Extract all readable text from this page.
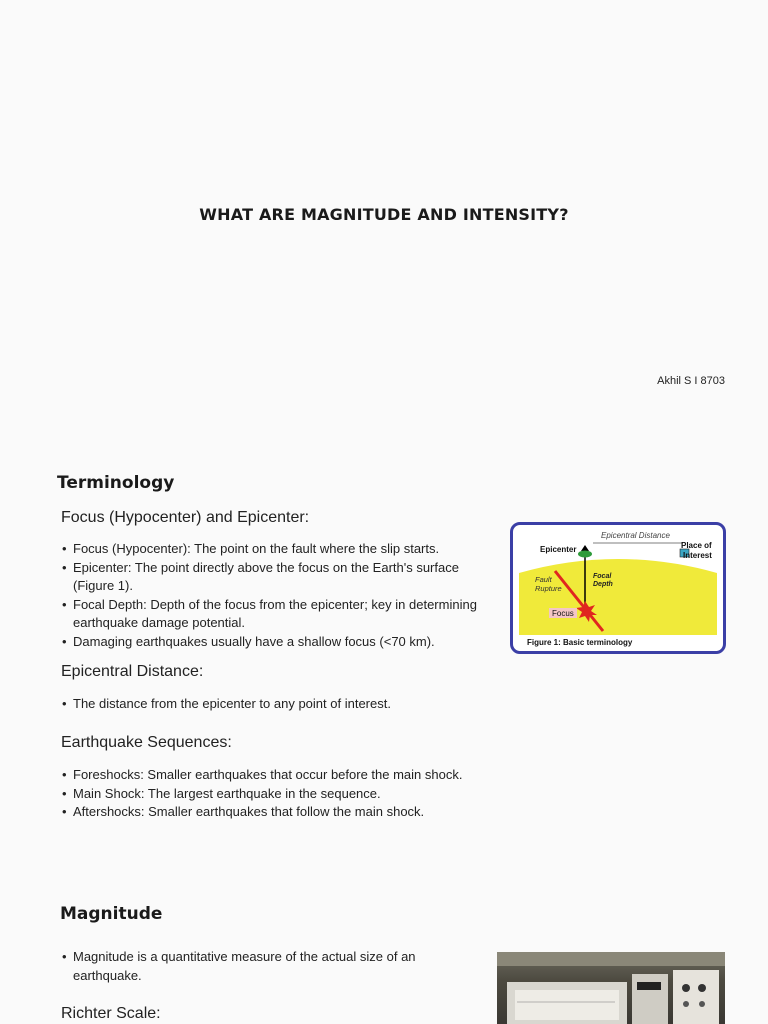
WHAT ARE MAGNITUDE AND INTENSITY?
Akhil S I 8703
Terminology
Focus (Hypocenter) and Epicenter:
• Focus (Hypocenter): The point on the fault where the slip starts.
• Epicenter: The point directly above the focus on the Earth's surface (Figure 1).
• Focal Depth: Depth of the focus from the epicenter; key in determining earthquake damage potential.
• Damaging earthquakes usually have a shallow focus (<70 km).
Epicentral Distance:
• The distance from the epicenter to any point of interest.
Earthquake Sequences:
• Foreshocks: Smaller earthquakes that occur before the main shock.
• Main Shock: The largest earthquake in the sequence.
• Aftershocks: Smaller earthquakes that follow the main shock.
Magnitude
• Magnitude is a quantitative measure of the actual size of an earthquake.
Richter Scale:
Epicentral Distance
Epicenter	Place of
Interest
Fault
Rupture
Focal
Depth
Focus
Figure 1: Basic terminology
